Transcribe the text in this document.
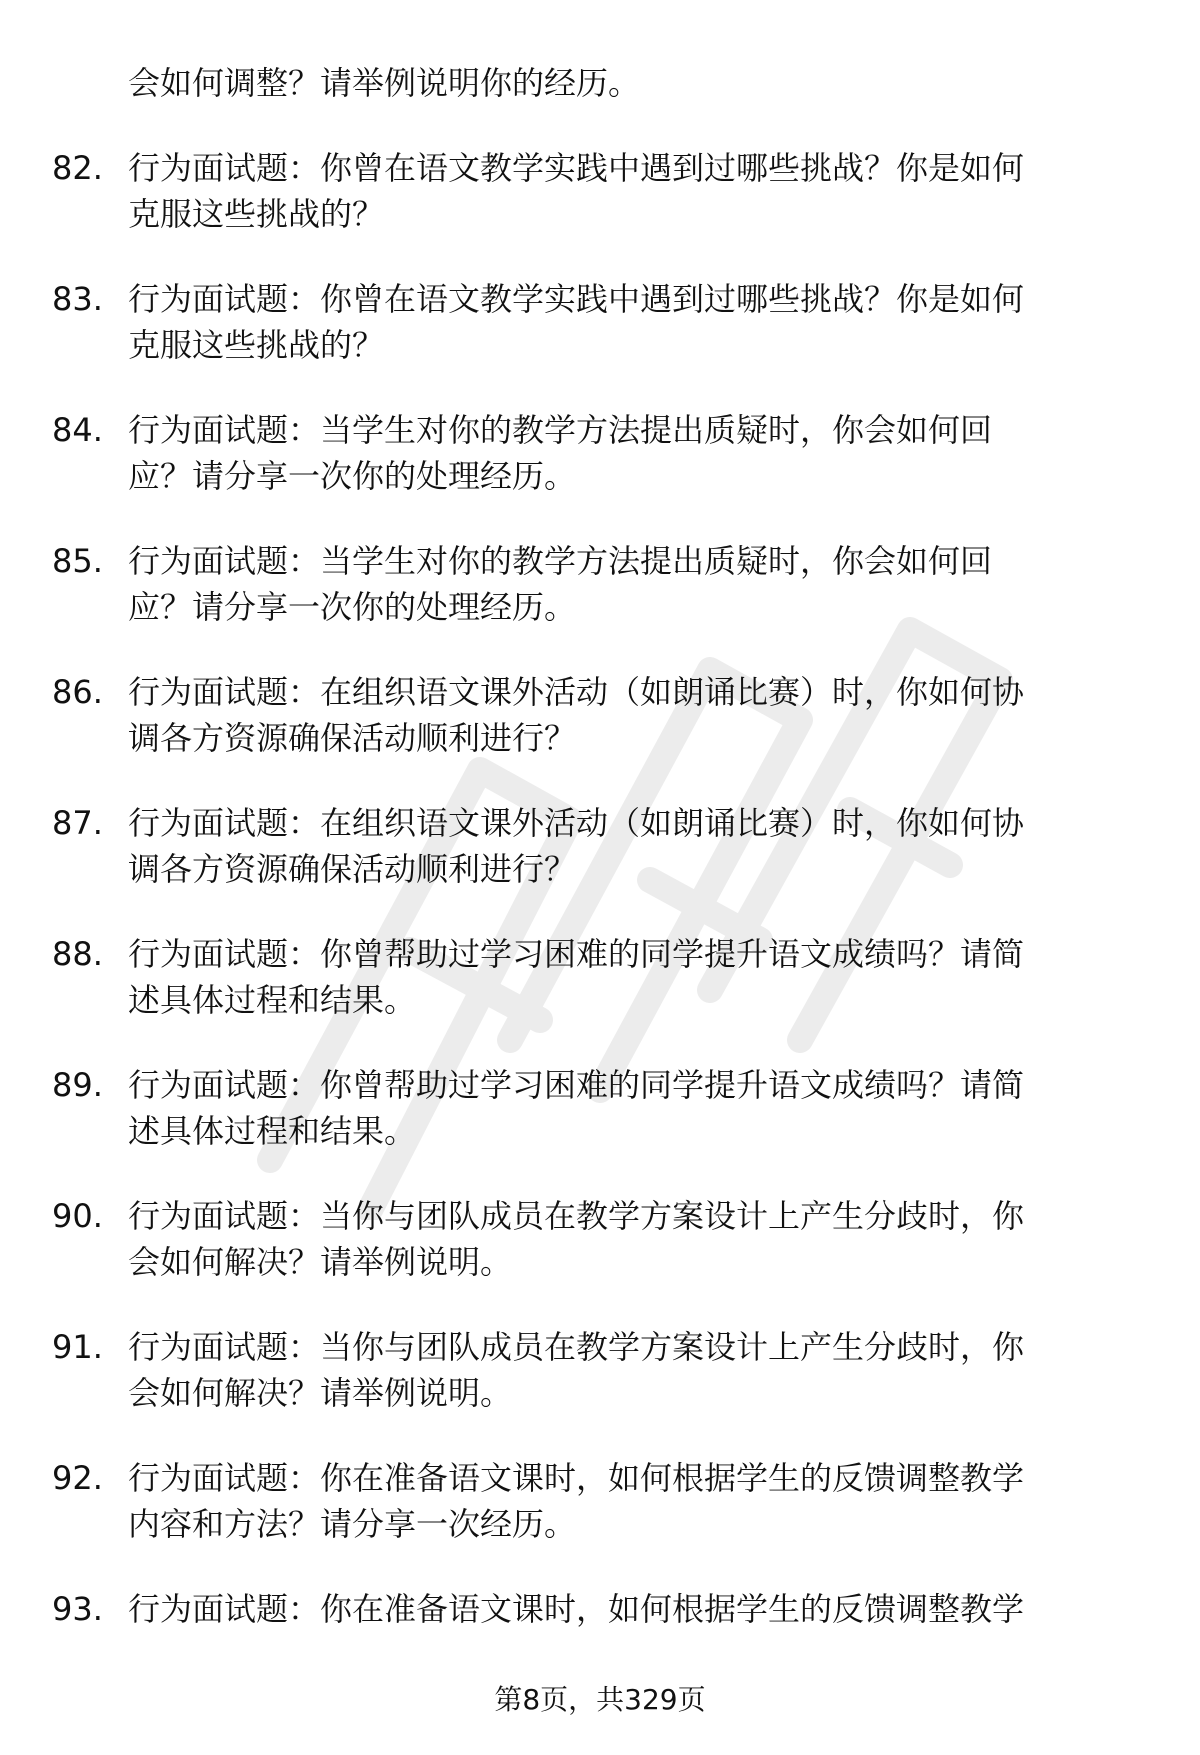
会如何调整？请举例说明你的经历。
82. 行为面试题：你曾在语文教学实践中遇到过哪些挑战？你是如何
克服这些挑战的？
83. 行为面试题：你曾在语文教学实践中遇到过哪些挑战？你是如何
克服这些挑战的？
84. 行为面试题：当学生对你的教学方法提出质疑时，你会如何回
应？请分享一次你的处理经历。
85. 行为面试题：当学生对你的教学方法提出质疑时，你会如何回
应？请分享一次你的处理经历。
86. 行为面试题：在组织语文课外活动（如朗诵比赛）时，你如何协
调各方资源确保活动顺利进行？
87. 行为面试题：在组织语文课外活动（如朗诵比赛）时，你如何协
调各方资源确保活动顺利进行？
88. 行为面试题：你曾帮助过学习困难的同学提升语文成绩吗？请简
述具体过程和结果。
89. 行为面试题：你曾帮助过学习困难的同学提升语文成绩吗？请简
述具体过程和结果。
90. 行为面试题：当你与团队成员在教学方案设计上产生分歧时，你
会如何解决？请举例说明。
91. 行为面试题：当你与团队成员在教学方案设计上产生分歧时，你
会如何解决？请举例说明。
92. 行为面试题：你在准备语文课时，如何根据学生的反馈调整教学
内容和方法？请分享一次经历。
93. 行为面试题：你在准备语文课时，如何根据学生的反馈调整教学
第8页，共329页
